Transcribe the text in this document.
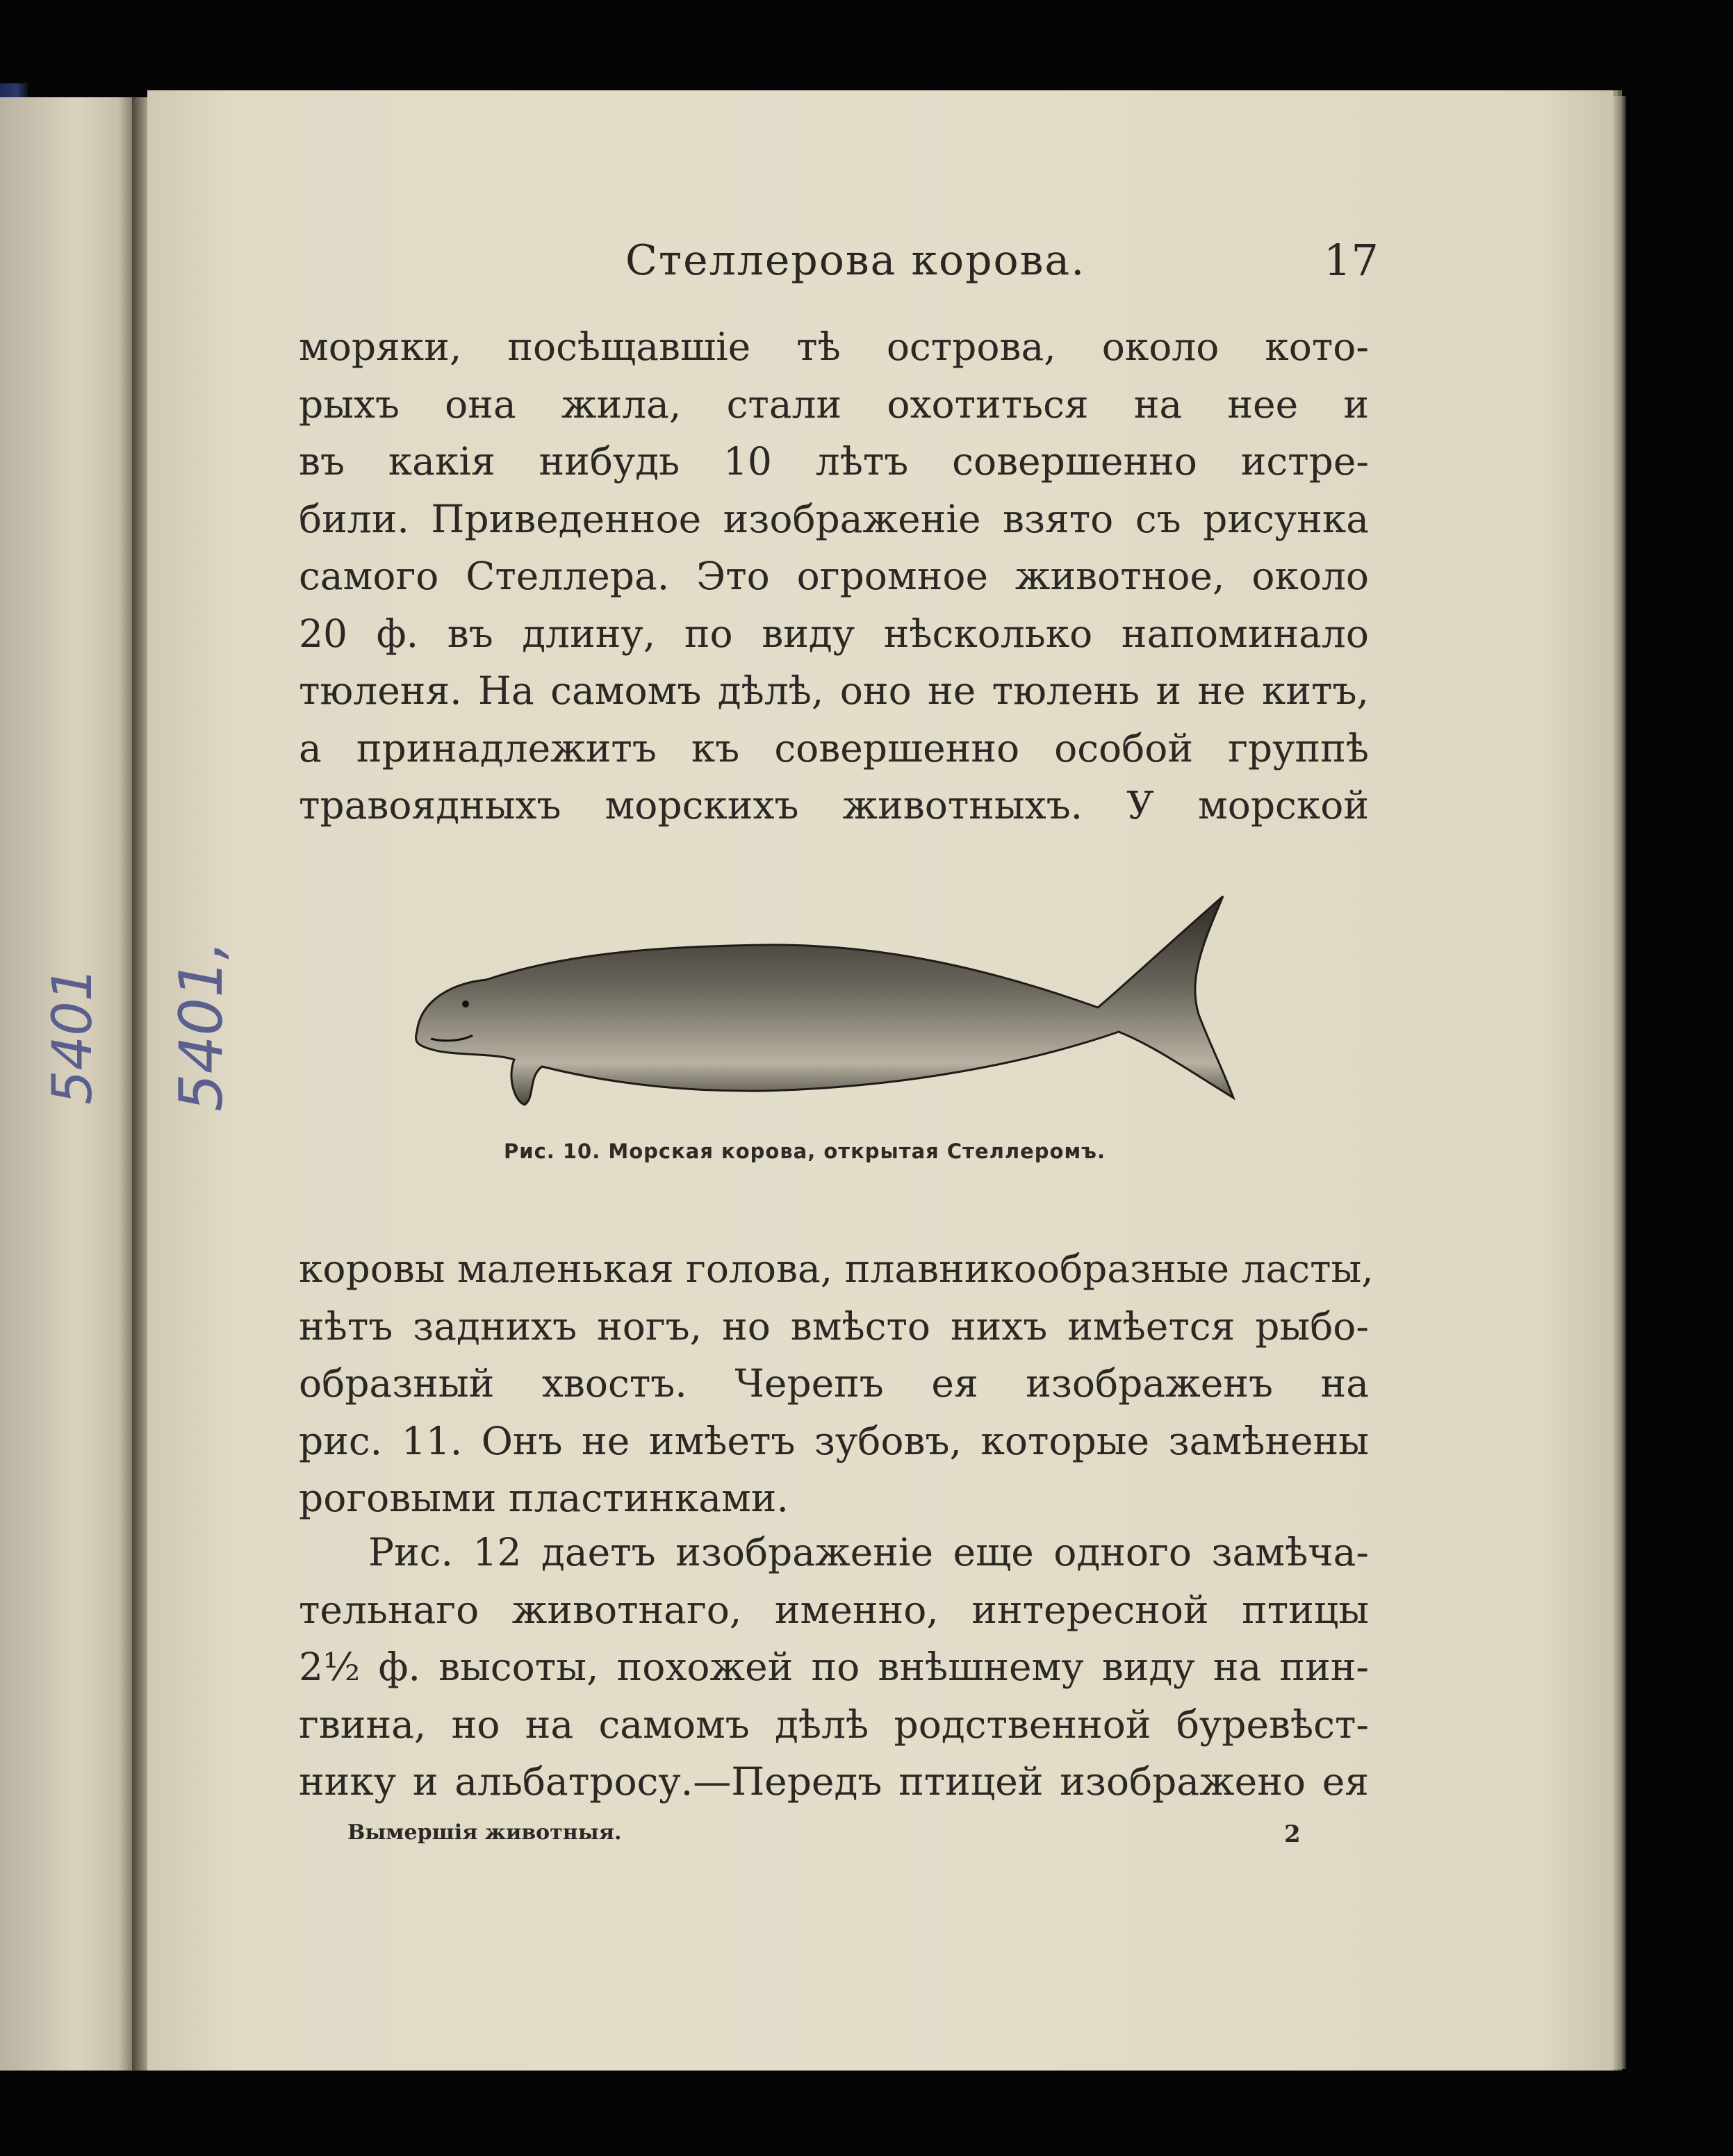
5401 5401,
Стеллерова корова.	17
моряки, посѣщавшіе тѣ острова, около кото-
рыхъ она жила, стали охотиться на нее и
въ какія нибудь 10 лѣтъ совершенно истре-
били. Приведенное изображеніе взято съ рисунка
самого Стеллера. Это огромное животное, около
20 ф. въ длину, по виду нѣсколько напоминало
тюленя. На самомъ дѣлѣ, оно не тюлень и не китъ,
а принадлежитъ къ совершенно особой группѣ
травоядныхъ морскихъ животныхъ. У морской
Рис. 10. Морская корова, открытая Стеллеромъ.
коровы маленькая голова, плавникообразные ласты,
нѣтъ заднихъ ногъ, но вмѣсто нихъ имѣется рыбо-
образный хвостъ. Черепъ ея изображенъ на
рис. 11. Онъ не имѣетъ зубовъ, которые замѣнены
роговыми пластинками.
Рис. 12 даетъ изображеніе еще одного замѣча-
тельнаго животнаго, именно, интересной птицы
2½ ф. высоты, похожей по внѣшнему виду на пин-
гвина, но на самомъ дѣлѣ родственной буревѣст-
нику и альбатросу.—Передъ птицей изображено ея
Вымершія животныя.	2
